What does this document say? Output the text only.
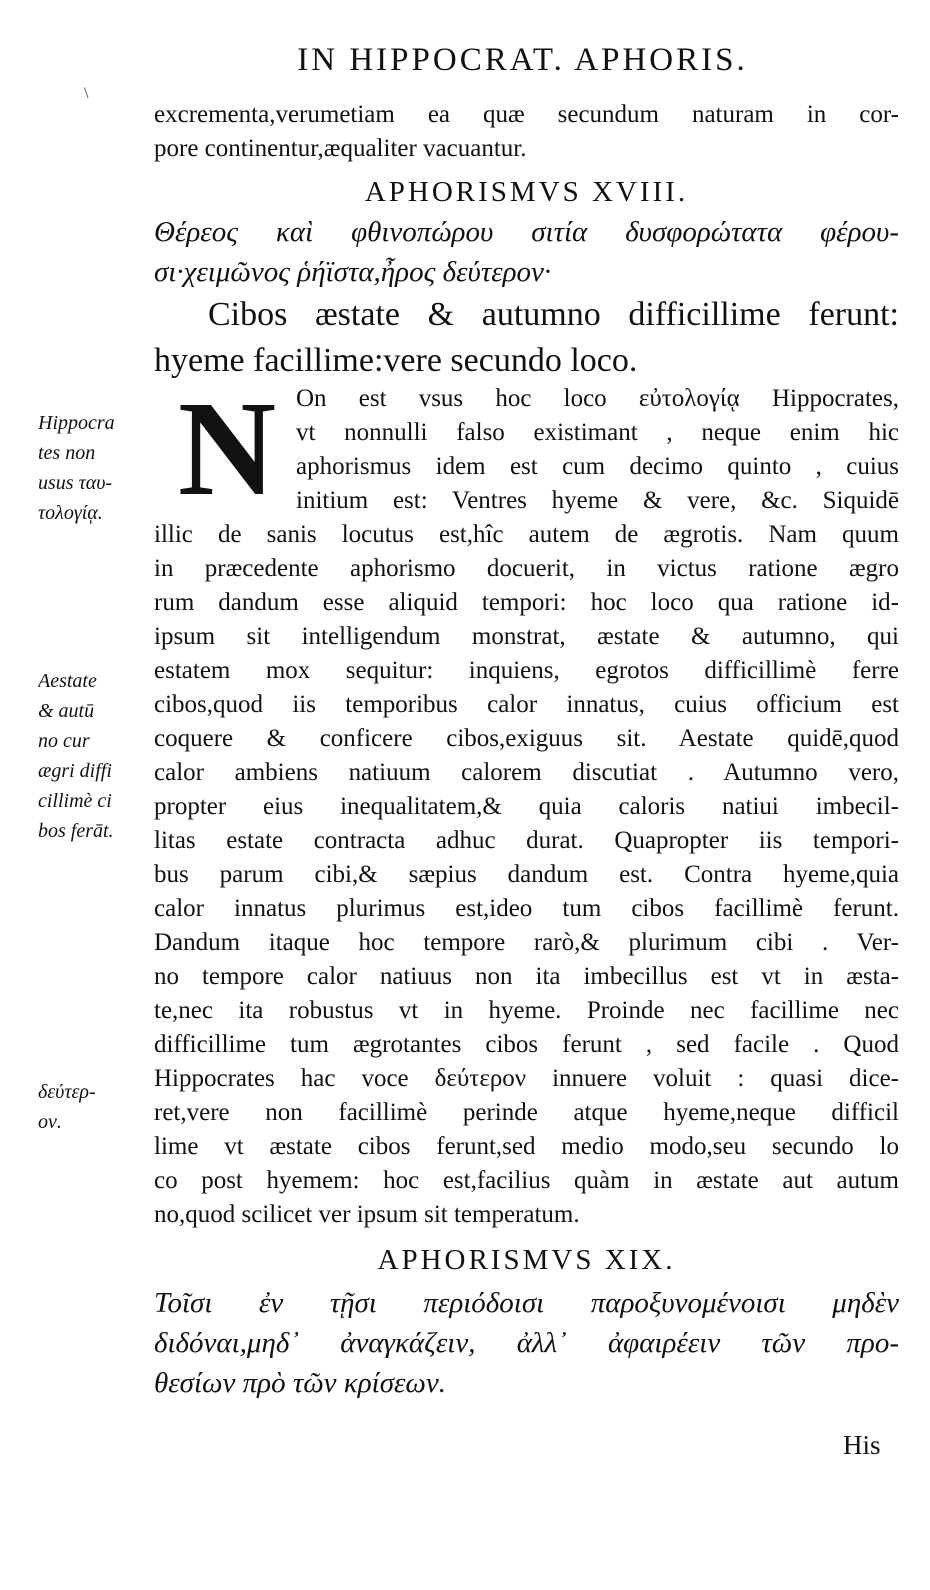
\
IN HIPPOCRAT. APHORIS.
excrementa,verumetiam ea quæ secundum naturam in cor-
pore continentur,æqualiter vacuantur.
APHORISMVS XVIII.
Θέρεος καὶ φθινοπώρου σιτία δυσφορώτατα φέρου-
σι·χειμῶνος ῥήϊστα,ἦρος δεύτερον·
Cibos æstate & autumno difficillime ferunt:
hyeme facillime:vere secundo loco.
N On est vsus hoc loco εὐτολογίᾳ Hippocrates,
vt nonnulli falso existimant , neque enim hic
aphorismus idem est cum decimo quinto , cuius
initium est: Ventres hyeme & vere, &c. Siquidē
illic de sanis locutus est,hîc autem de ægrotis. Nam quum
in præcedente aphorismo docuerit, in victus ratione ægro
rum dandum esse aliquid tempori: hoc loco qua ratione id-
ipsum sit intelligendum monstrat, æstate & autumno, qui
estatem mox sequitur: inquiens, egrotos difficillimè ferre
cibos,quod iis temporibus calor innatus, cuius officium est
coquere & conficere cibos,exiguus sit. Aestate quidē,quod
calor ambiens natiuum calorem discutiat . Autumno vero,
propter eius inequalitatem,& quia caloris natiui imbecil-
litas estate contracta adhuc durat. Quapropter iis tempori-
bus parum cibi,& sæpius dandum est. Contra hyeme,quia
calor innatus plurimus est,ideo tum cibos facillimè ferunt.
Dandum itaque hoc tempore rarò,& plurimum cibi . Ver-
no tempore calor natiuus non ita imbecillus est vt in æsta-
te,nec ita robustus vt in hyeme. Proinde nec facillime nec
difficillime tum ægrotantes cibos ferunt , sed facile . Quod
Hippocrates hac voce δεύτερον innuere voluit : quasi dice-
ret,vere non facillimè perinde atque hyeme,neque difficil
lime vt æstate cibos ferunt,sed medio modo,seu secundo lo
co post hyemem: hoc est,facilius quàm in æstate aut autum
no,quod scilicet ver ipsum sit temperatum.
Hippocra
tes non
usus ταυ-
τολογίᾳ.
Aestate
& autū
no cur
ægri diffi
cillimè ci
bos ferāt.
δεύτερ-
ον.
APHORISMVS XIX.
Τοῖσι ἐν τῇσι περιόδοισι παροξυνομένοισι μηδὲν
διδόναι,μηδ᾽ ἀναγκάζειν, ἀλλ᾽ ἀφαιρέειν τῶν προ-
θεσίων πρὸ τῶν κρίσεων.
His
